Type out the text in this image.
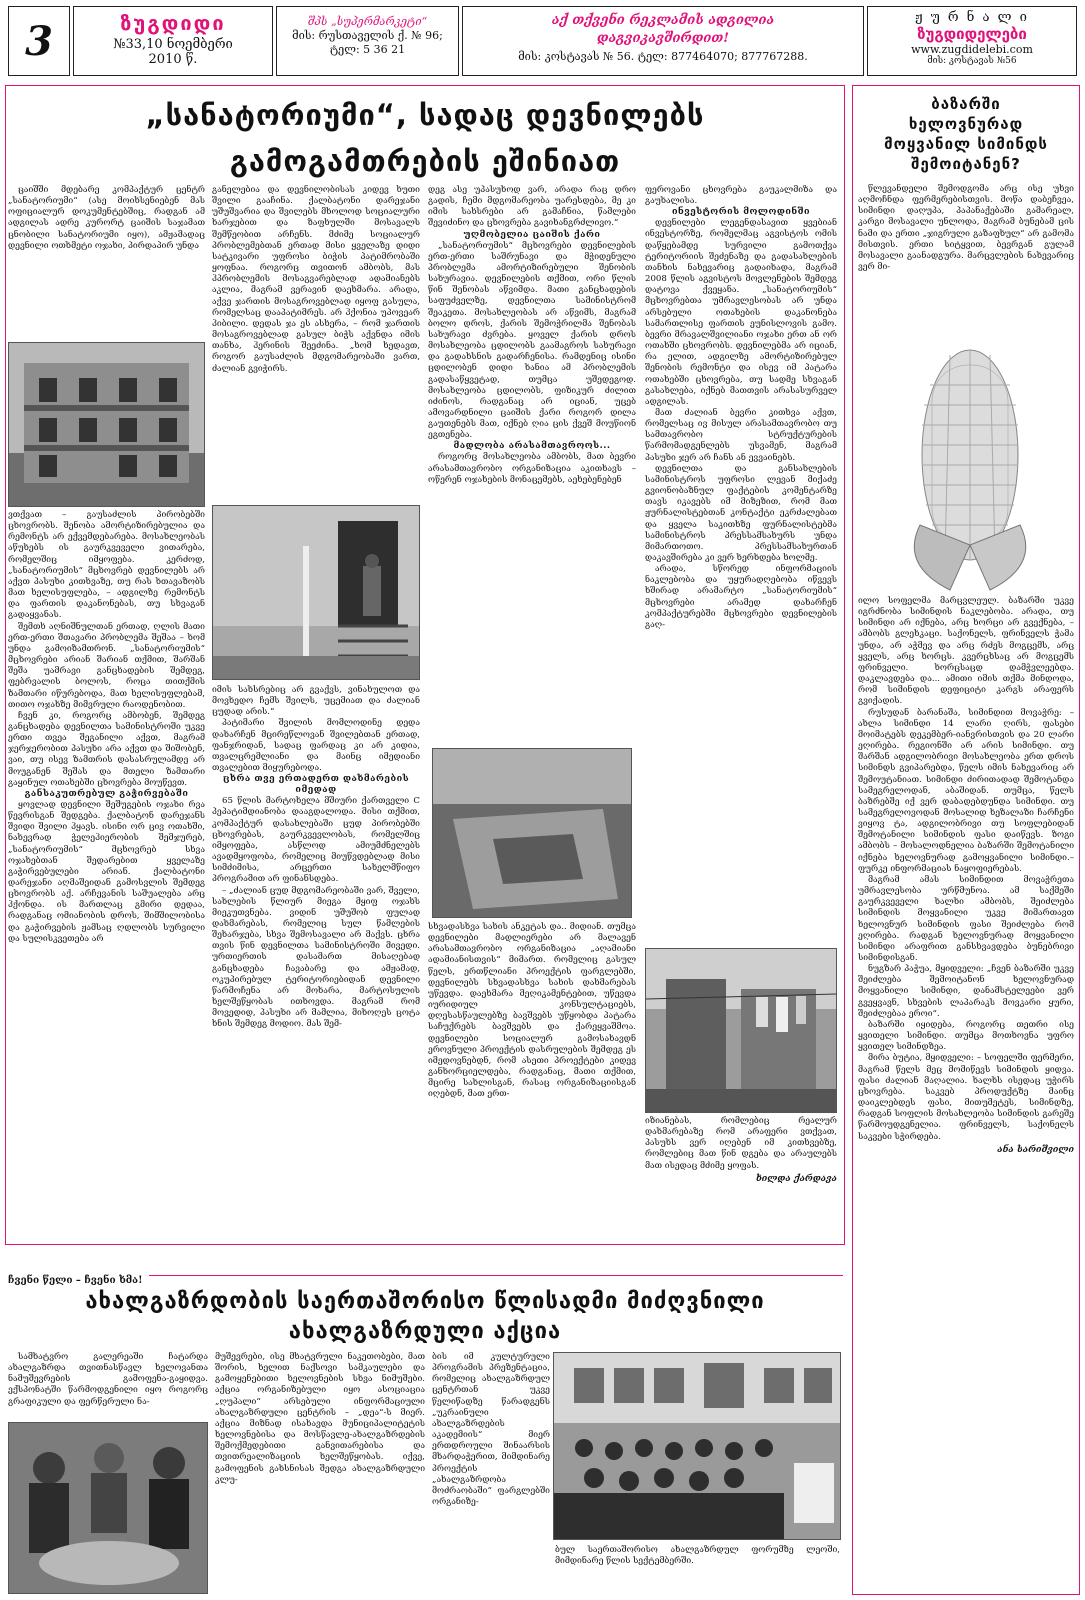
3	ზუგდიდი
№33,10 ნოემბერი
2010 წ.
შპს „სუპერმარკეტი“
მის: რუსთაველის ქ. № 96;
ტელ: 5 36 21
აქ თქვენი რეკლამის ადგილია
დაგვიკავშირდით!
მის: კოსტავას № 56. ტელ: 877464070; 877767288.
ჟ უ რ ნ ა ლ ი
ზუგდიდელები
www.zugdidelebi.com
მის: კოსტავას №56
„სანატორიუმი“, სადაც დევნილებს
გამოგამთრების ეშინიათ

ცაიშში მდებარე კომპაქტურ ცენტრ „სანატორიუმი“ (ასე მოიხსენიებენ მას ოფიციალურ დოკუმენტებშიც, რადგან ამ ადგილას ადრე კურორტ ცაიშის საჯამათ ცნობილი სანატორიუმი იყო), ამჟამადაც დევნილი ოთხმეტი ოჯახი, პირდაპირ უნდა

ვთქვათ – გაუსაძლის პირობებში ცხოვრობს. შენობა ამორტიზირებულია და რემონტს არ ექვემდებარება. მოსახლეობას აწუხებს ის გაურკვეველი ვითარება, რომელშიც იმყოფება. კერძოდ, „სანატორიუმის“ მცხოვრებ დევნილებს არ აქვთ პასუხი კითხვაზე, თუ რას ხთავაზობს მათ ხელისუფლება, – ადგილზე რემონტს და ფართის დაკანონებას, თუ სხვაგან გადაყვანას.

შემთხ აღნიშნულთან ერთად, ღლის მათი ერთ-ერთი შთავარი პრობლემა შეშაა – ხომ უნდა გამოიზამთრონ. „სანატორიუმის“ მცხოვრები არიან შარიან თქმით, შარშან შეშა უამრავი განცხადების შემდეგ, ფებრვალის ბოლოს, როცა თითქმის ზამთარი იწურებოდა, მათ ხელისუფლებამ, თითო ოჯახზე მიმვრული რაოდენობით.

ჩვენ კი, როგორც ამბობენ, შემდეგ განცხადება დევნილთა სამინისტროში უკვე ერთი თვეა შეგანილი აქვთ, მაგრამ ჯერჯერობით პასუხი არა აქვთ და შიშობენ, ვაი, თუ ისევ ზამთრის დასასრულამდე არ მოუგანენ შეშას და მთელი ზამთარი გაყინულ ოთახებში ცხოვრება მოუწევთ.

განსაკუთრებულ გაჭირვებაში

ყოვლად დევნილი შეშუგების ოჯახი რვა წევრისგან შედგება. ქალბატონ დარეჯანს შვიდი შვილი ჰყავს. ისინი ორ ცივ ოთახში, ნახევრად ჭელეჰიერობის შემჯურებ, „სანატორიუმის“ მცხოვრებ სხვა ოჯახებთან შედარებით ყველაზე გაჭირვებულები არიან. ქალბატონი დარეჯანი აღმაშეიდან გამოსვლის შემდეგ ცხოვრობს აქ. არჩევანის საშუალება არც ჰქონდა. ის მართლაც გმირი დედაა, რადგანაც ომიანობის დროს, შიმშილობისა და გაჭირვების ჟამსაც ღდლობს სურვილი და სულისკვეთება არ

განელებია და დევნილობისას კიდევ ხუთი შვილი გააჩინა. ქალბატონი დარეჯანი უშუშვარია და შვილებს მხოლოდ სოციალური ხარჯებით და ზაფხულში მოსავალს შემწეობით არჩენს. მძიმე სოციალურ პრობლემებთან ერთად მისი ყველაზე დიდი სატკივარი უფროსი ბიჭის პატიმრობაში ყოფნაა. როგორც თვითონ ამბობს, მას ჰპრობლემის მოსაგვარებლად ადამიანებს აკლია, მაგრამ ვერავინ დაეხმარა. არადა, აქვე ჯართის მოსაგროვებლად იყოფ გასულა, რომელსაც დააპატიმრეს. არ ჰქონია უპოვეარ ჰიბილი. დედას ჯა ეს ასხერა, – რომ ჯართის მოსაგროვებლად გასულ ბიჭს აქვნდა იმის თანხა, ჰერინის შეეძინა. „ხომ ხედავთ, როგორ გაუსაძლის მდგომარეობაში ვართ, ძალიან გვიჭირს.

იმის სახსრებიც არ გვაქვს, ვინახულოთ და მოვხედო ჩემს შვილს, უცემიათ და ძალიან ცუდად არის.“

პატიმარი შვილის მომლოდინე დედა დახარჩენ მცირეწლოვან შვილებთან ერთად, ფანჯრიდან, სადაც ფარდაც კი არ კიდია, თვალცრემლიანი და მაინც იმედიანი თვალებით მიყურებოდა.

ცხრა თვე ერთადერთ დახმარების იმედად

65 წლის მარტოხელა მშიური ქართველი C პეპატიმდიანობა დააგდალოდა. მისი თქმით, კომპაქტურ დასახლებაში ცუდ პირობებში ცხოვრებას, გაურკვევლობას, რომელშიც იმყოფება, ასწლოდ ამიუმძნელებს ავადმყოფობა, რომელიც მიუწვდებლად მისი სიმძიმისა, არცერთი სახელმწიფო პროგრამით არ ფინანსდება.

– „ძალიან ცუდ მდგომარეობაში ვარ, შველი, სახლების წლიურ მიეგა მყიფ ოჯახს მიეკუთვნება. ვიდინ უშუშობ ფულად დახმარებას, რომელიც სულ წამლების შეხარჯება, სხვა შემოსავალი არ მაქვს. ცხრა თვის წინ დევნილთა სამინისტროში მივედი. ურთიერთის დასამართ მისაღებად განცხადება ჩავაბარე და ამჟამად, ოკუპირებულ ტერიტორიებიდან დევნილი წარმოჩენა არ მოხარა, მარტოსულის ხელშეწყობას ითხოვდა. მაგრამ რომ მოვედიდ, პასუხი არ მამლია, მიხოღეს ცოტა ხნის შემდეგ მოდიო. მას შემ-

დეგ ასე უპასუხოდ ვარ, არადა რაც დრო გადის, ჩემი მდგომარეობა უარესდება, მე კი იმის სახსრები არ გამაჩნია, წამლები შევიძინო და ცხოვრება გავიხანგრძლივო.“

უღმობელია ცაიშის ქარი

„სანატორიუმის“ მცხოვრები დევნილების ერთ-ერთი საშრუნავი და მჭიდენული პრობლემა ამორტიზირებული შენობის სახურავია. დევნილების თქმით, ორი წლის წინ შენობას აწვიმდა. მათი განცხადების საფუძველზე, დევნილთა სამინისტრომ შეაკეთა. მოსახლეობას არ აწვიმს, მაგრამ ბოლო დროს, ქარის შემოჭრილმა შენობას სახურავი ძვრება. ყოველ ქარის დროს მოსახლეობა ცდილობს გაამაგროს სახურავი და გადახსნის გადარჩენისა. რამდენიც ისინი ცდილობენ დიდი ხანია ამ პრობლემის გადასაწყვეტად, თუმცა უშედეგოდ. მოსახლეობა ცდილობს, ფიზიკურ ძილით იძინოს, რადგანაც არ იციან, უცებ ამოვარდნილი ცაიშის ქარი როგორ დილა გაუთენებს მათ, იქნებ ღია ცის ქვეშ მოუწიონ ეგთენება.

მადლობა არასამთავროოს...

როგორც მოსახლეობა ამბობს, მათ ბევრი არასამთავრობო ორგანიზაცია აკითხავს – ოწერენ ოჯახების მონაცემებს, აეხებენებენ

სხვადასხვა სახის ანკეტას და.. მიდიან. თუმცა დევნილები მადლიერები არ მალავენ არასამთავრობო ორგანიზაცია „აღამიანი ადამიანისთვის“ მიმართ. რომელიც გასულ წელს, ერთწლიანი პროექტის ფარგლებში, დევნილებს სხვადასხვა სახის დახმარებას უწევდა. დაეხმარა მეღიკამენტებით, უწევდა იურიდიულ კონსულტაციებს, დღესასწაულებზე ბავშვებს უწყობდა პატარა საჩუქრებს ბავშვებს და ქარეყვაშმოა. დევნილები სოციალურ გამოსახავდნ ეროვნული პროექტის დასრულების შემდეგ ეს იმედოვნებდნ, რომ ასეთი პროექტები კიდევ განხორციელდება, რადგანაც, მათი თქმით, მცირე სახლისგან, რასაც ორგანიზაციისგან იღებდნ, მათ ერთ-

ფეროვანი ცხოვრება გაუკალმიზა და გაუხალისა.

ინვესტორის მოლოდინში

დევნილები ლეგენდასავით ყვებიან ინვესტორზე, რომელმაც აგვისტოს ომის დაწყებამდე სურვილი გამოთქვა ტერიტორიის შეძენაზე და გადასახლების თანხის ნახევარიც გადაიხადა, მაგრამ 2008 წლის აგვისტოს მოვლენების შემდეგ დატოვა ქვეყანა. „სანატორიუმის“ მცხოვრებთა უმრავლესობას არ უნდა არსებული ოთახების დაკანონება სამართლისე ფართის ეუნისლოვის გამო. ბევრი მრავალშვილიანი ოჯახი ერთ ან ორ ოთახში ცხოვრობს. დევნილებმა არ იციან, რა ელით, ადგილზე ამორტიზირებულ შენობის რემონტი და ისევ იმ პატარა ოთახებში ცხოვრება, თუ სადმე სხვაგან გასახლება, იქნებ მათთვის არასასურველ ადგილას.

მათ ძალიან ბევრი კითხვა აქვთ, რომელსაც ივ მისულ არასამთავრობო თუ სამთავრობო სტრუქტურების წარმომადგენლებს უსვამენ, მაგრამ პასუხი ჯერ არ ჩანს ან ევვაინებს.

დევნილთა და განსახლების სამინისტროს უფროსი ლევან მიქაძე გვიონობაზნულ ფაქტების კომენტარზე თავს იკავებს იმ მიზეზით, რომ მათ ჟურნალისტებთან კონტაქტი ეკრძალებათ და ყველა საკითხზე ფურნალისტებმა სამინისტროს პრესსამსახურს უნდა მიმართოთო. პრესსამსახურთან დაკავშირება კი ვერ ხერხდება ხოლმე.

არადა, სწორედ ინფორმაციის ნაკლებობა და უყურადღებობა იწვევს ხშირად არამარტო „სანატორიუმის“ მცხოვრები არამედ დახარჩენ კომპაქტურებში მცხოვრები დევნილების გაღ-

იზიანებას, რომლებიც რეალურ დახმარებაზე რომ არაფერი ვთქვათ, პასუხს ვერ იღებენ იმ კითხვებზე, რომლებიც მათ წინ დგება და არაულებს მათ ისედაც მძიმე ყოფას.

ხილდა ქარდავა
ბაზარში
ხელოვნურად
მოყვანილ სიმინდს
შემოიტანენ?

წლევანდელი შემოდგომა არც ისე უხვი აღმოჩნდა ფერმერებისთვის. მოწა დაბეჩვეა, სიმინდი დაღუპა, პაპანაქებაში გამარეალ, კარგი მოსავალი უნლოდა, მაგრამ ბუნებამ ცის ნამი და ერთი „ჯიგრული გაზაფხულ“ არ გამომა მისთვის. ერთი სიტყვით, ბევრგან გულამ მოსავალი გაანადგურა. მარცვლების ნახევარიც ვერ მი-

ილო სოფელმა მარცვლეულ. ბაზარში უკვე იგრძნობა სიმინდის ნაკლებობა. არადა, თუ სიმინდი არ იქნება, არც ხორცი არ გვექნება, – ამბობს გლეხკაცი. საქონელს, ფრინველს ჭამა უნდა, არ აჭმევ და არც რძეს მოგცემს, არც ყველს, არც ხორცს. კვერცხსაც არ მოგცემს ფრინველი. ხორცსაცდ დამჭვლეებდა. დაკლავდება და... ამითი იმის თქმა მინდოდა, რომ სიმინდის დეფიციტი კარგს არაფერს გვიქადის.

რუსუდან ბარანაშა, სიმინდით მოვაჭრე: – ახლა სიმინდი 14 ლარი ღირს, ფასები მოიმატებს დეკემბერ-იანვრისთვის და 20 ლარი ეღირება. რეგიონში არ არის სიმინდი. თუ შარშან ადგილობრივი მოსახლეობა ერთ დროს სიმინდს გვიპარებდა, წელს იმის ნახევარიც არ შემოუტანიათ. სიმინდი ძირითადად შემოტანდა სამეგრელოდან, აბაშიდან. თუმცა, წელს ბაზრებშე იქ ვერ დაბადებდუნდა სიმინდი. თუ სამეგრელოვოდან მოსალიდ ხეზალაზი ჩარჩენი ვიყოვ ტა, ადგილობრივი თუ სოფლებიდან შემოტანილი სიმინდის ფასი დაიწევს. ზოგი ამბობს – მოსალოდნელია ბაზარში შემოტანილი იქნება ხელოვნურად გამოყვანილი სიმინდი.– ფურკე ინფორმაციას ნაყოფიერებას.

მაგრამ ამას სიმინდით მოვაჭრეთა უმრავლესობა ურწმუნოა. ამ საქმეში გაურკვეველი ხალხი ამბობს, შეიძლება სიმინდის მოყვანილი უკვე მიმართავთ ხელოვნურ სიმინდის ფასი შეიძლება რომ ეღირება. რადგან ხელოვნურად მოყვანილი სიმინდი არაფრით განსხვავდება ბუნებრივი სიმინდისგან.

ნუგზარ პაჭუა, მყიდველი: „ჩვენ ბაზარში უკვე შეიძლება შემოიტანონ ხელოვნურად მოყვანილი სიმინდი, დანამსტელეები ვერ გვეყვავნ, სხვების ლაპარაკს მოვკარი ყური, შეიძლებაა ეროი“.

ბაზარში იყიდება, როგორც თეთრი ისე ყვითელი სიმინდი. თუმცა მოთხოვნა უფრო ყვითელ სიმინდზეა.

მირა ბუტია, მყიდველი: – სოფელში ფერმერი, მაგრამ წელს მეც მომიწევს სიმინდის ყიდვა. ფასი ძალიან მაღალია. ხალხს ისედაც უჭირს ცხოვრება. საკვებ პროდუქტზე მაინც დაიკლებდეს ფასი, მითუმეტეს, სიმინდზე, რადგან სოფლის მოსახლეობა სიმინდის გარეშე წარმოუდგენელია. ფრინველს, საქონელს საკვები სჭირდება.

ანა სარიშვილი
ჩვენი წელი – ჩვენი ხმა!
ახალგაზრდობის საერთაშორისო წლისადმი მიძღვნილი
ახალგაზრდული აქცია

სამხატვრო გალერეაში ჩატარდა ახალგაზრდა თვითნასწავლ ხელოვანთა ნამუშევრების გამოფენა-გაყიდვა. ექსპონატში წარმოდგენილი იყო როგორც გრაფიკული და ფერწერული ნა-

მუშევრები, ისე მხატვრული ნაკეთობები, მათ შორის, ხელით ნაქსოვი სამკაულები და გამოყენებითი ხელოვნების სხვა ნიმუშები. აქცია ორგანიზებული იყო ასოციაცია „ღუპალი“ არსებული ინფორმაციული ახალგაზრდული ცენტრის – „დეა“-ს მიერ. აქცია მიზნად ისახავდა მუნიციპალიტეტის ხელოვნებისა და მოსწავლე-ახალგაზრდების შემოქმედებითი განვითარებისა და თვითრეალიზაციის ხელშეწყობას. იქვე, გამოფენის გახსნისას შედგა ახალგაზრდული კლუ-

ბის იმ კულტურული პროგრამის პრეზენტაცია, რომელიც ახალგაზრდულ ცენტრთან უკვე წელიწადზე წარადგენს „უკრაინული ახალგაზრდების აკადემიის“ მიერ ერთდროული შინაარსის მხარდაჭერით, მიმდინარე პროექტის „ახალგაზრდობა მოძრაობაში“ ფარგლებში ორგანიზე-

ბულ საერთაშორისო ახალგაზრდულ ფორუმზე ლეოში, მიმდინარე წლის სექტემბერში.
